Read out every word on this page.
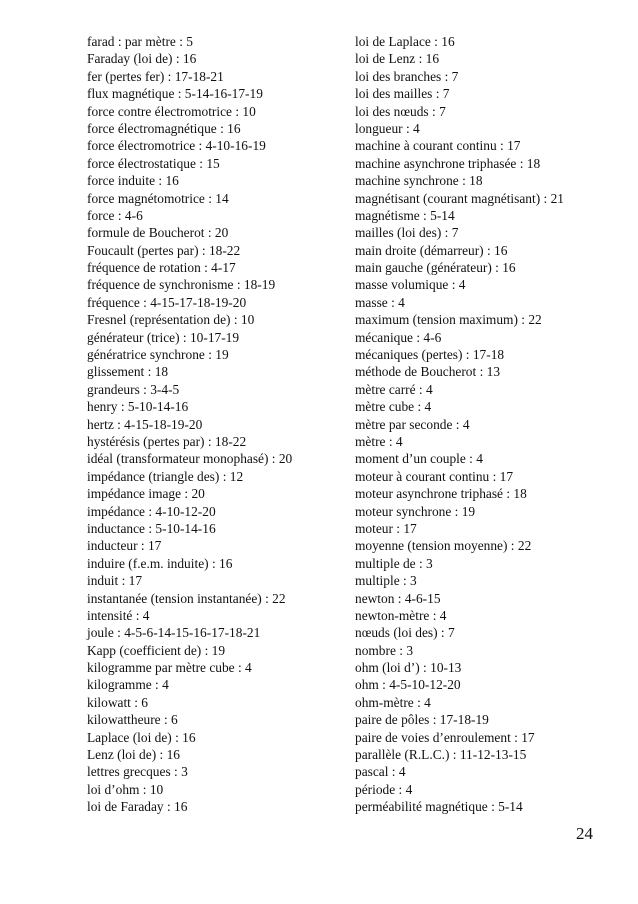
farad : par mètre : 5
Faraday (loi de) : 16
fer (pertes fer) : 17-18-21
flux magnétique : 5-14-16-17-19
force contre électromotrice : 10
force électromagnétique : 16
force électromotrice : 4-10-16-19
force électrostatique : 15
force induite : 16
force magnétomotrice : 14
force : 4-6
formule de Boucherot : 20
Foucault (pertes par) : 18-22
fréquence de rotation : 4-17
fréquence de synchronisme : 18-19
fréquence : 4-15-17-18-19-20
Fresnel (représentation de) : 10
générateur (trice) : 10-17-19
génératrice synchrone : 19
glissement : 18
grandeurs : 3-4-5
henry : 5-10-14-16
hertz : 4-15-18-19-20
hystérésis (pertes par) : 18-22
idéal (transformateur monophasé) : 20
impédance (triangle des) : 12
impédance image : 20
impédance : 4-10-12-20
inductance : 5-10-14-16
inducteur : 17
induire (f.e.m. induite) : 16
induit : 17
instantanée (tension instantanée) : 22
intensité : 4
joule : 4-5-6-14-15-16-17-18-21
Kapp (coefficient de) : 19
kilogramme par mètre cube : 4
kilogramme : 4
kilowatt : 6
kilowattheure : 6
Laplace (loi de) : 16
Lenz (loi de) : 16
lettres grecques : 3
loi d’ohm : 10
loi de Faraday : 16
loi de Laplace : 16
loi de Lenz : 16
loi des branches : 7
loi des mailles : 7
loi des nœuds : 7
longueur : 4
machine à courant continu : 17
machine asynchrone triphasée : 18
machine synchrone : 18
magnétisant (courant magnétisant) : 21
magnétisme : 5-14
mailles (loi des) : 7
main droite (démarreur) : 16
main gauche (générateur) : 16
masse volumique : 4
masse : 4
maximum (tension maximum) : 22
mécanique : 4-6
mécaniques (pertes) : 17-18
méthode de Boucherot : 13
mètre carré : 4
mètre cube : 4
mètre par seconde : 4
mètre : 4
moment d’un couple : 4
moteur à courant continu : 17
moteur asynchrone triphasé : 18
moteur synchrone : 19
moteur : 17
moyenne (tension moyenne) : 22
multiple de : 3
multiple : 3
newton : 4-6-15
newton-mètre : 4
nœuds (loi des) : 7
nombre : 3
ohm (loi d’) : 10-13
ohm : 4-5-10-12-20
ohm-mètre : 4
paire de pôles : 17-18-19
paire de voies d’enroulement : 17
parallèle (R.L.C.) : 11-12-13-15
pascal : 4
période : 4
perméabilité magnétique : 5-14
24
